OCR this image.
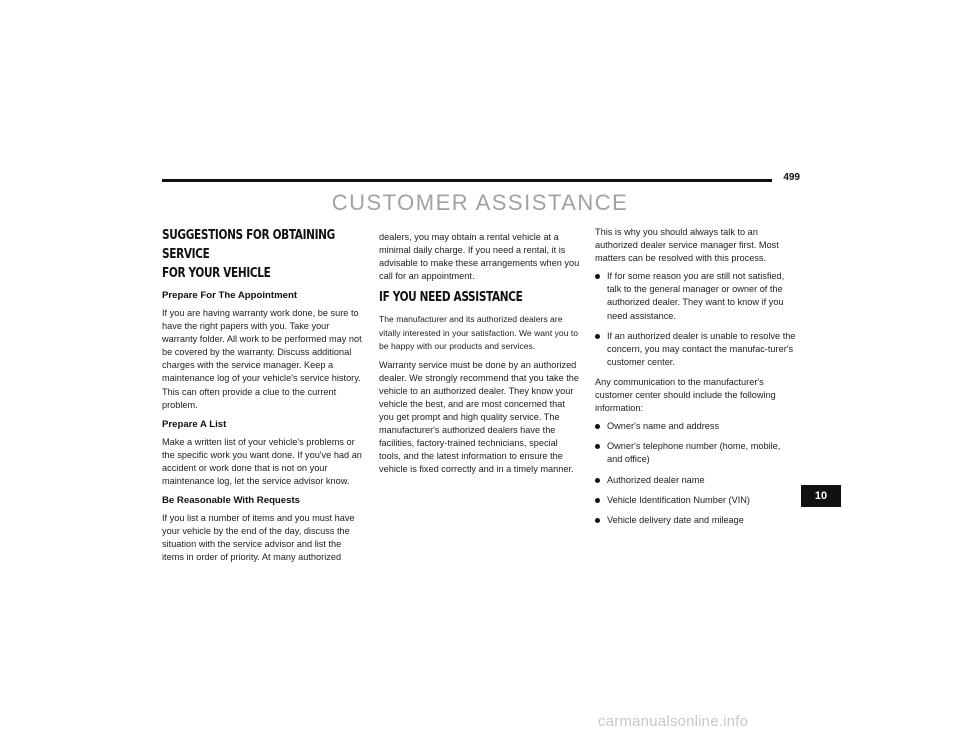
499
CUSTOMER ASSISTANCE
SUGGESTIONS FOR OBTAINING SERVICE
FOR YOUR VEHICLE
Prepare For The Appointment

If you are having warranty work done, be sure to have the right papers with you. Take your warranty folder. All work to be performed may not be covered by the warranty. Discuss additional charges with the service manager. Keep a maintenance log of your vehicle's service history. This can often provide a clue to the current problem.

Prepare A List

Make a written list of your vehicle's problems or the specific work you want done. If you've had an accident or work done that is not on your maintenance log, let the service advisor know.

Be Reasonable With Requests

If you list a number of items and you must have your vehicle by the end of the day, discuss the situation with the service advisor and list the items in order of priority. At many authorized

dealers, you may obtain a rental vehicle at a minimal daily charge. If you need a rental, it is advisable to make these arrangements when you call for an appointment.

IF YOU NEED ASSISTANCE

The manufacturer and its authorized dealers are vitally interested in your satisfaction. We want you to be happy with our products and services.

Warranty service must be done by an authorized dealer. We strongly recommend that you take the vehicle to an authorized dealer. They know your vehicle the best, and are most concerned that you get prompt and high quality service. The manufacturer's authorized dealers have the facilities, factory-trained technicians, special tools, and the latest information to ensure the vehicle is fixed correctly and in a timely manner.

This is why you should always talk to an authorized dealer service manager first. Most matters can be resolved with this process.

If for some reason you are still not satisfied, talk to the general manager or owner of the authorized dealer. They want to know if you need assistance.
If an authorized dealer is unable to resolve the concern, you may contact the manufac-turer's customer center.

Any communication to the manufacturer's customer center should include the following information:

Owner's name and address
Owner's telephone number (home, mobile, and office)
Authorized dealer name
Vehicle Identification Number (VIN)
Vehicle delivery date and mileage
10
carmanualsonline.info
